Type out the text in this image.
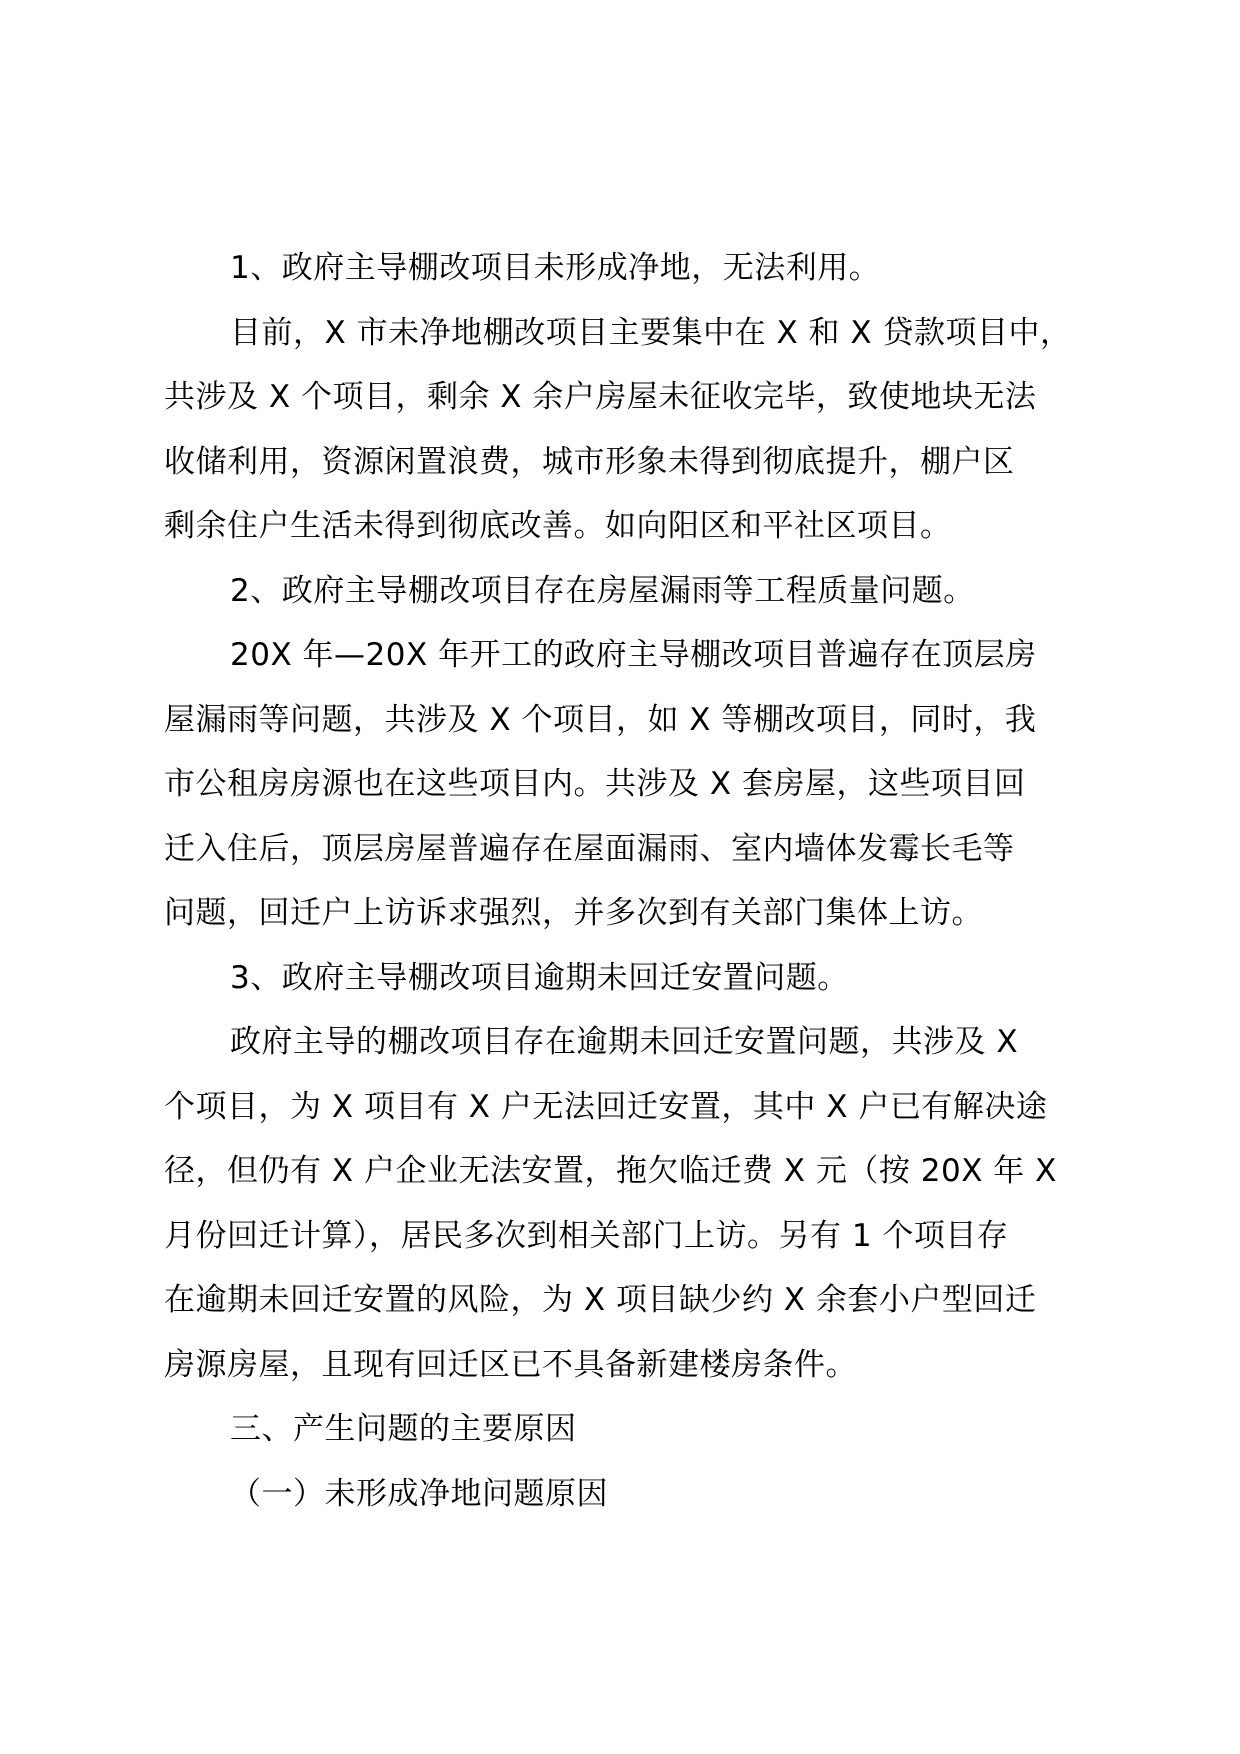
1、政府主导棚改项目未形成净地，无法利用。
目前，X 市未净地棚改项目主要集中在 X 和 X 贷款项目中，
共涉及 X 个项目，剩余 X 余户房屋未征收完毕，致使地块无法
收储利用，资源闲置浪费，城市形象未得到彻底提升，棚户区
剩余住户生活未得到彻底改善。如向阳区和平社区项目。
2、政府主导棚改项目存在房屋漏雨等工程质量问题。
20X 年—20X 年开工的政府主导棚改项目普遍存在顶层房
屋漏雨等问题，共涉及 X 个项目，如 X 等棚改项目，同时，我
市公租房房源也在这些项目内。共涉及 X 套房屋，这些项目回
迁入住后，顶层房屋普遍存在屋面漏雨、室内墙体发霉长毛等
问题，回迁户上访诉求强烈，并多次到有关部门集体上访。
3、政府主导棚改项目逾期未回迁安置问题。
政府主导的棚改项目存在逾期未回迁安置问题，共涉及 X
个项目，为 X 项目有 X 户无法回迁安置，其中 X 户已有解决途
径，但仍有 X 户企业无法安置，拖欠临迁费 X 元（按 20X 年 X
月份回迁计算），居民多次到相关部门上访。另有 1 个项目存
在逾期未回迁安置的风险，为 X 项目缺少约 X 余套小户型回迁
房源房屋，且现有回迁区已不具备新建楼房条件。
三、产生问题的主要原因
（一）未形成净地问题原因
